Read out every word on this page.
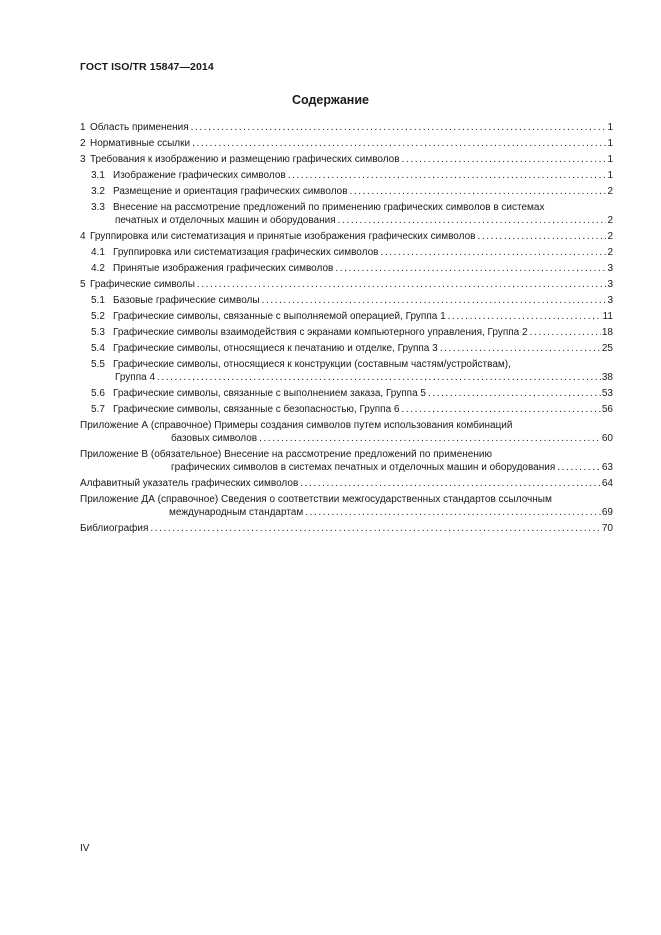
ГОСТ ISO/TR 15847—2014
Содержание
1 Область применения .....	1
2 Нормативные ссылки .....	1
3 Требования к изображению и размещению графических символов .....	1
3.1 Изображение графических символов .....	1
3.2 Размещение и ориентация графических символов .....	2
3.3 Внесение на рассмотрение предложений по применению графических символов в системах
печатных и отделочных машин и оборудования .....	2
4 Группировка или систематизация и принятые изображения графических символов .....	2
4.1 Группировка или систематизация графических символов .....	2
4.2 Принятые изображения графических символов .....	3
5 Графические символы .....	3
5.1 Базовые графические символы .....	3
5.2 Графические символы, связанные с выполняемой операцией, Группа 1 .....	11
5.3 Графические символы взаимодействия с экранами компьютерного управления, Группа 2 .....	18
5.4 Графические символы, относящиеся к печатанию и отделке, Группа 3 .....	25
5.5 Графические символы, относящиеся к конструкции (составным частям/устройствам),
Группа 4 .....	38
5.6 Графические символы, связанные с выполнением заказа, Группа 5 .....	53
5.7 Графические символы, связанные с безопасностью, Группа 6 .....	56
Приложение А (справочное) Примеры создания символов путем использования комбинаций
базовых символов .....	60
Приложение В (обязательное) Внесение на рассмотрение предложений по применению
графических символов в системах печатных и отделочных машин и оборудования .....	63
Алфавитный указатель графических символов .....	64
Приложение ДА (справочное) Сведения о соответствии межгосударственных стандартов ссылочным
международным стандартам .....	69
Библиография .....	70
IV
